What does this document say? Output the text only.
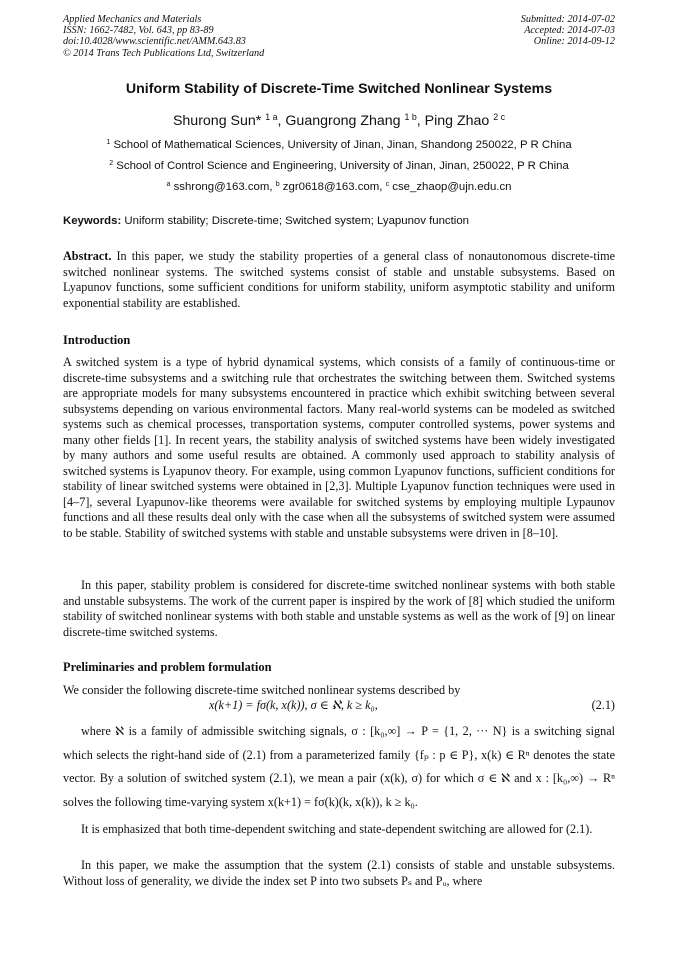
Applied Mechanics and Materials
ISSN: 1662-7482, Vol. 643, pp 83-89
doi:10.4028/www.scientific.net/AMM.643.83
© 2014 Trans Tech Publications Ltd, Switzerland
Submitted: 2014-07-02
Accepted: 2014-07-03
Online: 2014-09-12
Uniform Stability of Discrete-Time Switched Nonlinear Systems
Shurong Sun* $^{1 a}$, Guangrong Zhang $^{1 b}$, Ping Zhao $^{2 c}$
$^1$ School of Mathematical Sciences, University of Jinan, Jinan, Shandong 250022, P R China
$^2$ School of Control Science and Engineering, University of Jinan, Jinan, 250022, P R China
$^a$ sshrong@163.com, $^b$ zgr0618@163.com, $^c$ cse_zhaop@ujn.edu.cn
Keywords: Uniform stability; Discrete-time; Switched system; Lyapunov function

Abstract. In this paper, we study the stability properties of a general class of nonautonomous discrete-time switched nonlinear systems. The switched systems consist of stable and unstable subsystems. Based on Lyapunov functions, some sufficient conditions for uniform stability, uniform asymptotic stability and uniform exponential stability are established.

Introduction

A switched system is a type of hybrid dynamical systems, which consists of a family of continuous-time or discrete-time subsystems and a switching rule that orchestrates the switching between them. Switched systems are appropriate models for many subsystems encountered in practice which exhibit switching between several subsystems depending on various environmental factors. Many real-world systems can be modeled as switched systems such as chemical processes, transportation systems, computer controlled systems, power systems and many other fields [1]. In recent years, the stability analysis of switched systems have been widely investigated by many authors and some useful results are obtained. A commonly used approach to stability analysis of switched systems is Lyapunov theory. For example, using common Lyapunov functions, sufficient conditions for stability of linear switched systems were obtained in [2,3]. Multiple Lyapunov function techniques were used in [4–7], several Lyapunov-like theorems were available for switched systems by employing multiple Lypaunov functions and all these results deal only with the case when all the subsystems of switched system were assumed to be stable. Stability of switched systems with stable and unstable subsystems were driven in [8–10].

In this paper, stability problem is considered for discrete-time switched nonlinear systems with both stable and unstable subsystems. The work of the current paper is inspired by the work of [8] which studied the uniform stability of switched nonlinear systems with both stable and unstable systems as well as the work of [9] on linear discrete-time switched systems.

Preliminaries and problem formulation

We consider the following discrete-time switched nonlinear systems described by

x(k+1) = fσ(k, x(k)), σ ∈ ℵ, k ≥ k₀,	(2.1)

where ℵ is a family of admissible switching signals, σ : [k₀,∞] → P = {1, 2, ··· N} is a switching signal which selects the right-hand side of (2.1) from a parameterized family {fₚ : p ∈ P}, x(k) ∈ Rⁿ denotes the state vector. By a solution of switched system (2.1), we mean a pair (x(k), σ) for which σ ∈ ℵ and x : [k₀,∞) → Rⁿ solves the following time-varying system x(k+1) = fσ(k)(k, x(k)), k ≥ k₀.

It is emphasized that both time-dependent switching and state-dependent switching are allowed for (2.1).

In this paper, we make the assumption that the system (2.1) consists of stable and unstable subsystems. Without loss of generality, we divide the index set P into two subsets Pₛ and Pᵤ, where
